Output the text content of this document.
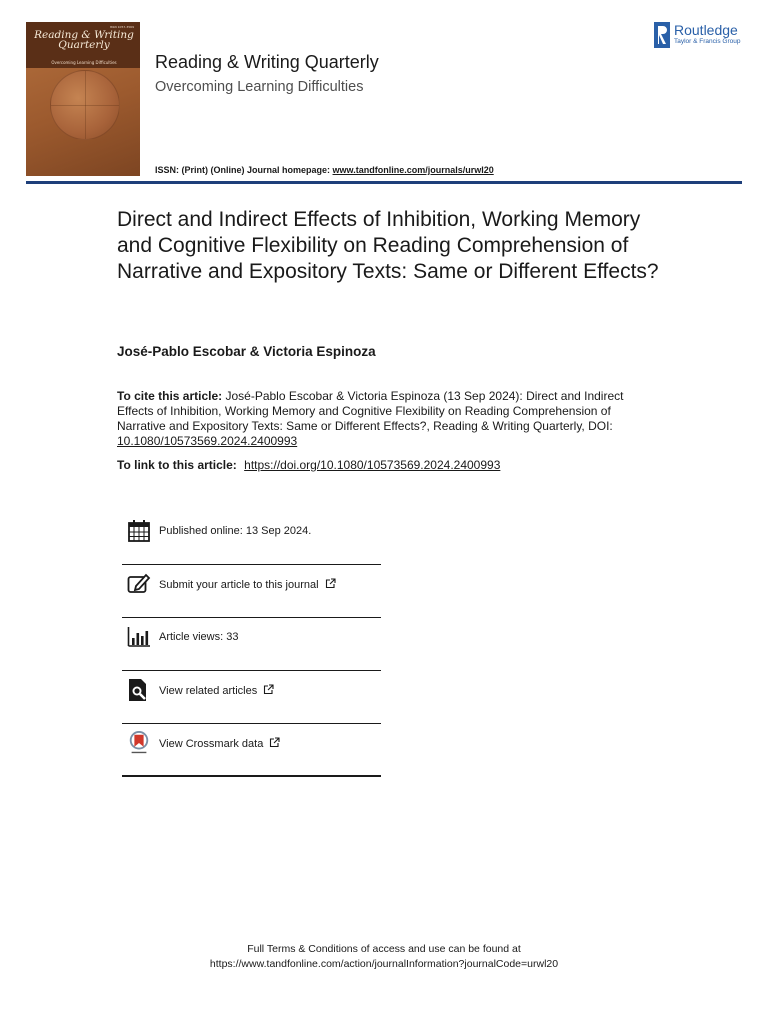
ISSN 1057-3569
Reading & Writing Quarterly
Overcoming Learning Difficulties	Reading & Writing Quarterly
Overcoming Learning Difficulties
ISSN: (Print) (Online) Journal homepage: www.tandfonline.com/journals/urwl20
Routledge
Taylor & Francis Group
Direct and Indirect Effects of Inhibition, Working Memory and Cognitive Flexibility on Reading Comprehension of Narrative and Expository Texts: Same or Different Effects?
José-Pablo Escobar & Victoria Espinoza
To cite this article: José-Pablo Escobar & Victoria Espinoza (13 Sep 2024): Direct and Indirect Effects of Inhibition, Working Memory and Cognitive Flexibility on Reading Comprehension of Narrative and Expository Texts: Same or Different Effects?, Reading & Writing Quarterly, DOI: 10.1080/10573569.2024.2400993
To link to this article: https://doi.org/10.1080/10573569.2024.2400993
Published online: 13 Sep 2024.
Submit your article to this journal
Article views: 33
View related articles
View Crossmark data
Full Terms & Conditions of access and use can be found at
https://www.tandfonline.com/action/journalInformation?journalCode=urwl20
